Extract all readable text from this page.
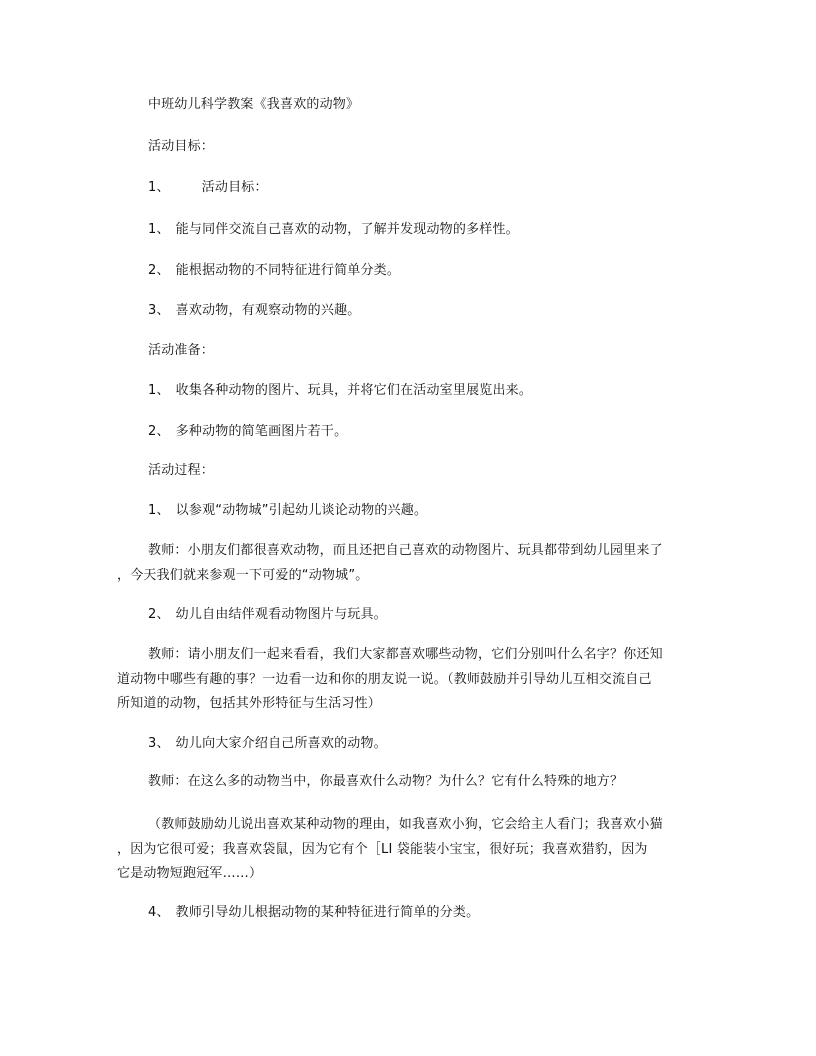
中班幼儿科学教案《我喜欢的动物》
活动目标：
1、 活动目标：
1、 能与同伴交流自己喜欢的动物，了解并发现动物的多样性。
2、 能根据动物的不同特征进行简单分类。
3、 喜欢动物，有观察动物的兴趣。
活动准备：
1、 收集各种动物的图片、玩具，并将它们在活动室里展览出来。
2、 多种动物的简笔画图片若干。
活动过程：
1、 以参观“动物城”引起幼儿谈论动物的兴趣。
教师：小朋友们都很喜欢动物，而且还把自己喜欢的动物图片、玩具都带到幼儿园里来了
，今天我们就来参观一下可爱的“动物城”。
2、 幼儿自由结伴观看动物图片与玩具。
教师：请小朋友们一起来看看，我们大家都喜欢哪些动物，它们分别叫什么名字？你还知
道动物中哪些有趣的事？一边看一边和你的朋友说一说。（教师鼓励并引导幼儿互相交流自己
所知道的动物，包括其外形特征与生活习性）
3、 幼儿向大家介绍自己所喜欢的动物。
教师：在这么多的动物当中，你最喜欢什么动物？为什么？它有什么特殊的地方？
（教师鼓励幼儿说出喜欢某种动物的理由，如我喜欢小狗，它会给主人看门；我喜欢小猫
，因为它很可爱；我喜欢袋鼠，因为它有个［LI 袋能装小宝宝，很好玩；我喜欢猎豹，因为
它是动物短跑冠军……）
4、 教师引导幼儿根据动物的某种特征进行简单的分类。
